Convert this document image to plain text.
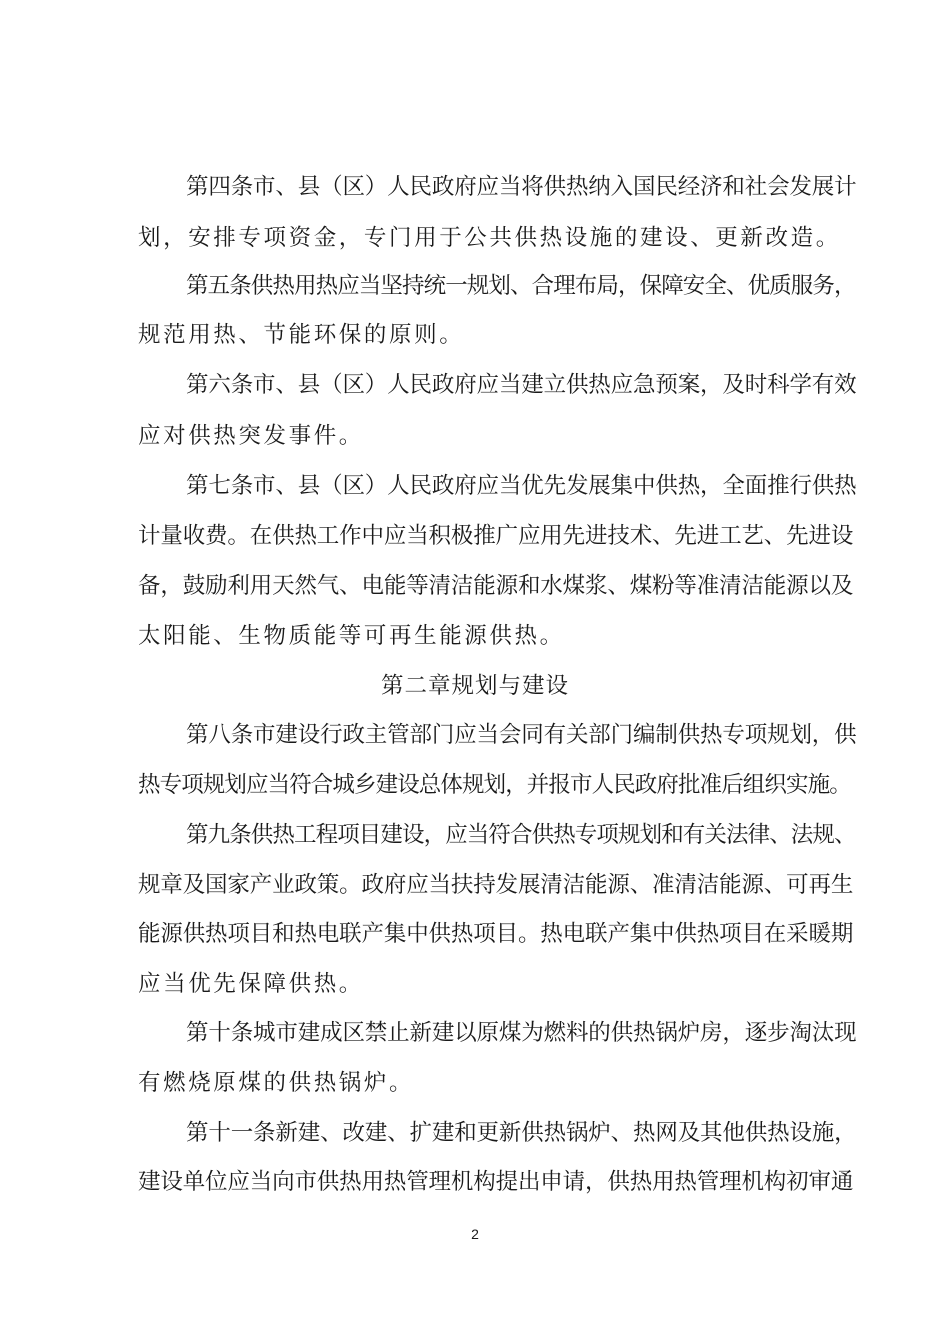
第四条市、县（区）人民政府应当将供热纳入国民经济和社会发展计
划，安排专项资金，专门用于公共供热设施的建设、更新改造。
第五条供热用热应当坚持统一规划、合理布局，保障安全、优质服务，
规范用热、节能环保的原则。
第六条市、县（区）人民政府应当建立供热应急预案，及时科学有效
应对供热突发事件。
第七条市、县（区）人民政府应当优先发展集中供热，全面推行供热
计量收费。在供热工作中应当积极推广应用先进技术、先进工艺、先进设
备，鼓励利用天然气、电能等清洁能源和水煤浆、煤粉等准清洁能源以及
太阳能、生物质能等可再生能源供热。
第二章规划与建设
第八条市建设行政主管部门应当会同有关部门编制供热专项规划，供
热专项规划应当符合城乡建设总体规划，并报市人民政府批准后组织实施。
第九条供热工程项目建设，应当符合供热专项规划和有关法律、法规、
规章及国家产业政策。政府应当扶持发展清洁能源、准清洁能源、可再生
能源供热项目和热电联产集中供热项目。热电联产集中供热项目在采暖期
应当优先保障供热。
第十条城市建成区禁止新建以原煤为燃料的供热锅炉房，逐步淘汰现
有燃烧原煤的供热锅炉。
第十一条新建、改建、扩建和更新供热锅炉、热网及其他供热设施，
建设单位应当向市供热用热管理机构提出申请，供热用热管理机构初审通
2
